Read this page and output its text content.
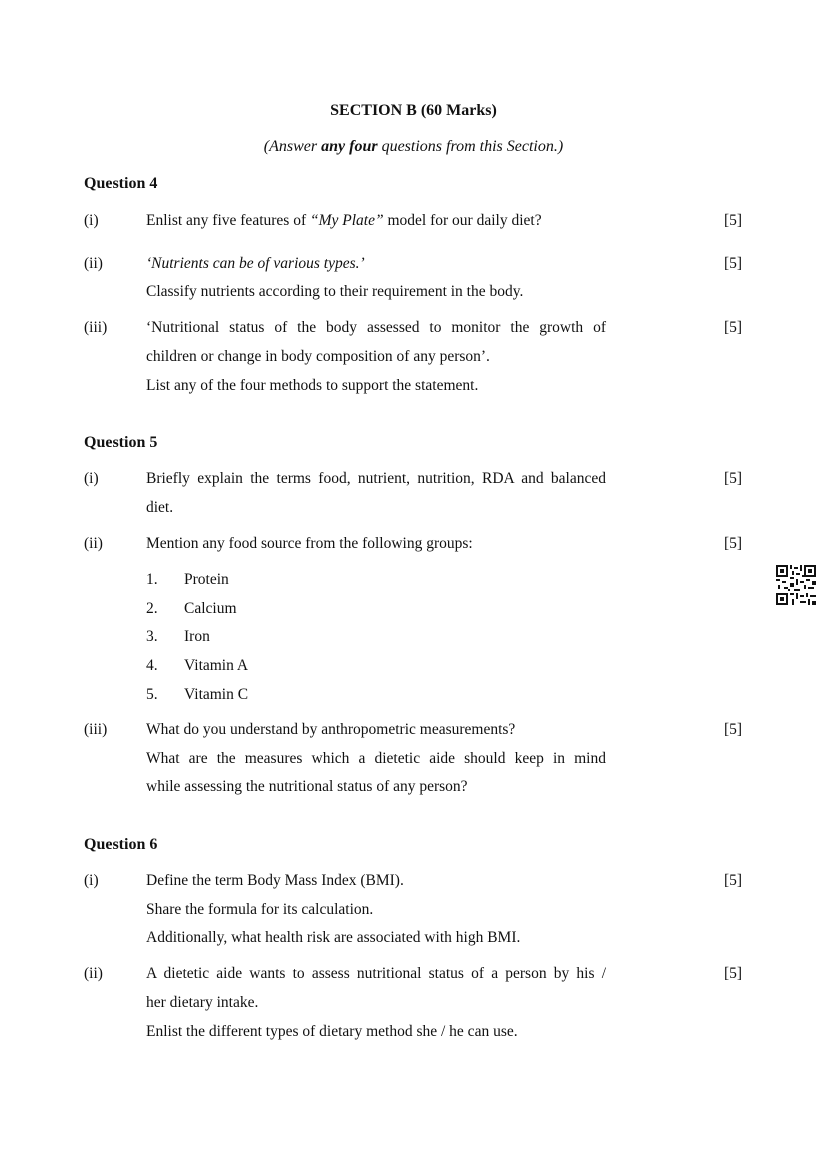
SECTION B (60 Marks)
(Answer any four questions from this Section.)
Question 4
(i)	Enlist any five features of “My Plate” model for our daily diet?	[5]
(ii)	‘Nutrients can be of various types.’	[5]
Classify nutrients according to their requirement in the body.
(iii)	‘Nutritional status of the body assessed to monitor the growth of	[5]
children or change in body composition of any person’.
List any of the four methods to support the statement.
Question 5
(i)	Briefly explain the terms food, nutrient, nutrition, RDA and balanced	[5]
diet.
(ii)	Mention any food source from the following groups:	[5]
1. Protein
2. Calcium
3. Iron
4. Vitamin A
5. Vitamin C
(iii)	What do you understand by anthropometric measurements?	[5]
What are the measures which a dietetic aide should keep in mind
while assessing the nutritional status of any person?
Question 6
(i)	Define the term Body Mass Index (BMI).	[5]
Share the formula for its calculation.
Additionally, what health risk are associated with high BMI.
(ii)	A dietetic aide wants to assess nutritional status of a person by his /	[5]
her dietary intake.
Enlist the different types of dietary method she / he can use.
